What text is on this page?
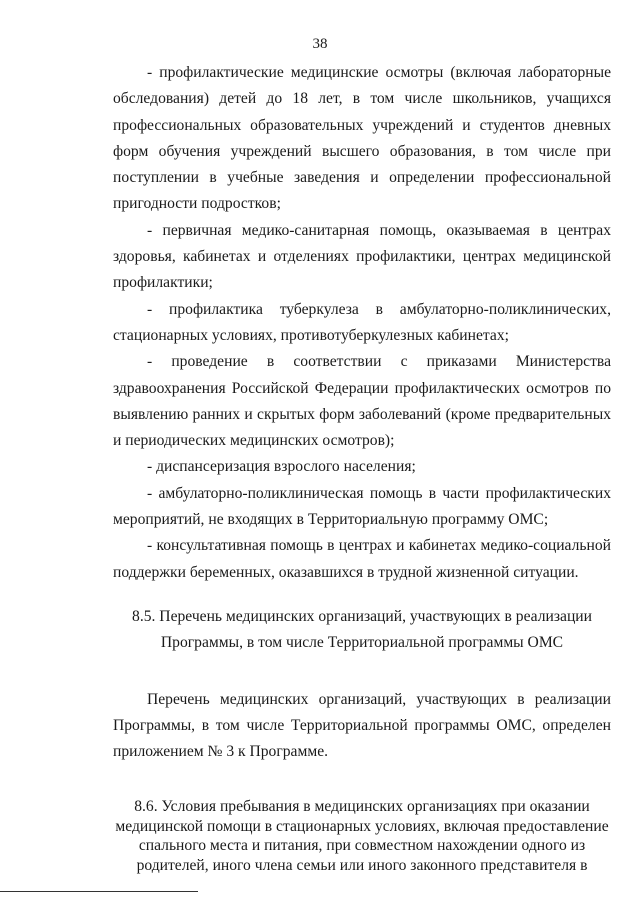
38

- профилактические медицинские осмотры (включая лабораторные обследования) детей до 18 лет, в том числе школьников, учащихся профессиональных образовательных учреждений и студентов дневных форм обучения учреждений высшего образования, в том числе при поступлении в учебные заведения и определении профессиональной пригодности подростков;

- первичная медико-санитарная помощь, оказываемая в центрах здоровья, кабинетах и отделениях профилактики, центрах медицинской профилактики;

- профилактика туберкулеза в амбулаторно-поликлинических, стационарных условиях, противотуберкулезных кабинетах;

- проведение в соответствии с приказами Министерства здравоохранения Российской Федерации профилактических осмотров по выявлению ранних и скрытых форм заболеваний (кроме предварительных и периодических медицинских осмотров);

- диспансеризация взрослого населения;

- амбулаторно-поликлиническая помощь в части профилактических мероприятий, не входящих в Территориальную программу ОМС;

- консультативная помощь в центрах и кабинетах медико-социальной поддержки беременных, оказавшихся в трудной жизненной ситуации.

8.5. Перечень медицинских организаций, участвующих в реализации
Программы, в том числе Территориальной программы ОМС

Перечень медицинских организаций, участвующих в реализации Программы, в том числе Территориальной программы ОМС, определен приложением № 3 к Программе.

8.6. Условия пребывания в медицинских организациях при оказании
медицинской помощи в стационарных условиях, включая предоставление
спального места и питания, при совместном нахождении одного из
родителей, иного члена семьи или иного законного представителя в
